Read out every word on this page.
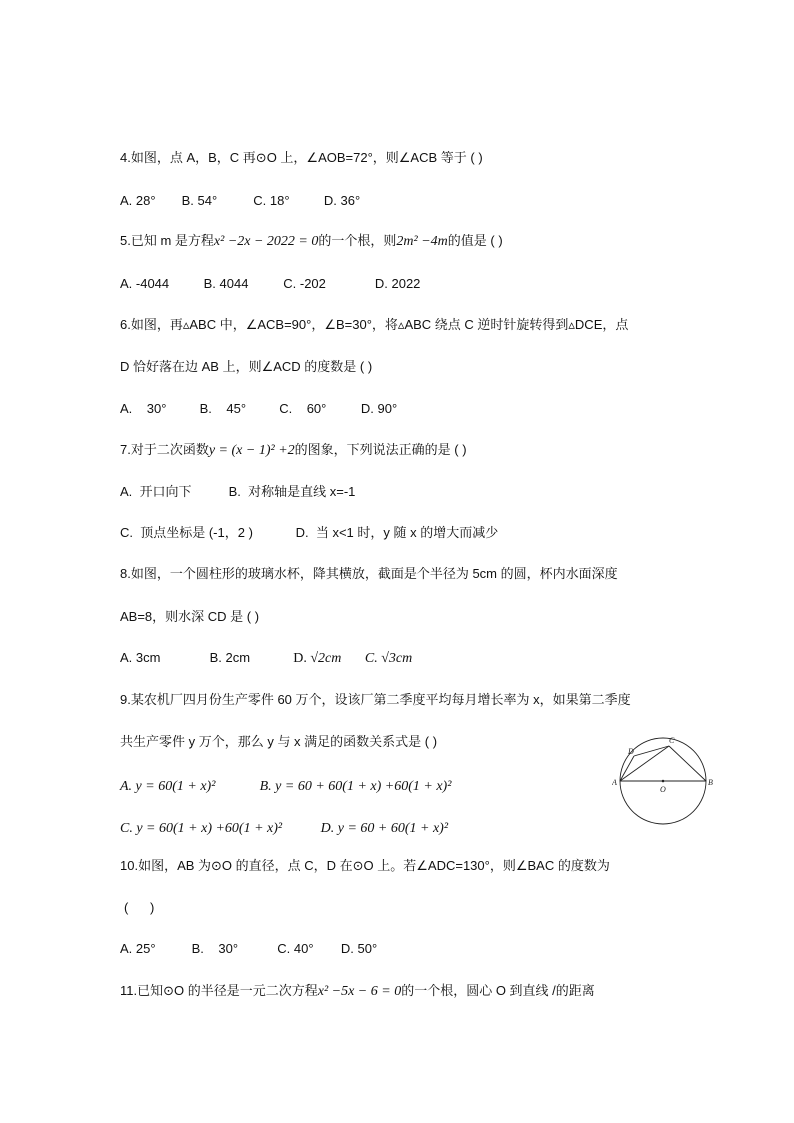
4.如图，点 A，B，C 再⊙O 上，∠AOB=72°，则∠ACB 等于 ( )
A. 28° B. 54°	C. 18°	D. 36°
5.已知 m 是方程x² −2x − 2022 = 0的一个根，则2m² −4m的值是 ( )
A. -4044	B. 4044	C. -202	D. 2022
6.如图，再▵ABC 中，∠ACB=90°，∠B=30°，将▵ABC 绕点 C 逆时针旋转得到▵DCE，点
D 恰好落在边 AB 上，则∠ACD 的度数是 ( )
A.    30°	B.    45°	C.    60°	D. 90°
7.对于二次函数y = (x − 1)² +2的图象，下列说法正确的是 ( )
A.  开口向下	B.  对称轴是直线 x=-1
C.  顶点坐标是 (-1，2 )	D.  当 x<1 时，y 随 x 的增大而减少
8.如图，一个圆柱形的玻璃水杯，降其横放，截面是个半径为 5cm 的圆，杯内水面深度
AB=8，则水深 CD 是 ( )
A. 3cm	B. 2cm	D. √2cm C. √3cm
9.某农机厂四月份生产零件 60 万个，设该厂第二季度平均每月增长率为 x，如果第二季度
共生产零件 y 万个，那么 y 与 x 满足的函数关系式是 ( )
A. y = 60(1 + x)²	B. y = 60 + 60(1 + x) +60(1 + x)²
C. y = 60(1 + x) +60(1 + x)²	D. y = 60 + 60(1 + x)²
A	B
C
D
O
10.如图，AB 为⊙O 的直径，点 C，D 在⊙O 上。若∠ADC=130°，则∠BAC 的度数为
(      )
A. 25°	B.    30°	C. 40° D. 50°
11.已知⊙O 的半径是一元二次方程x² −5x − 6 = 0的一个根，圆心 O 到直线 /的距离
